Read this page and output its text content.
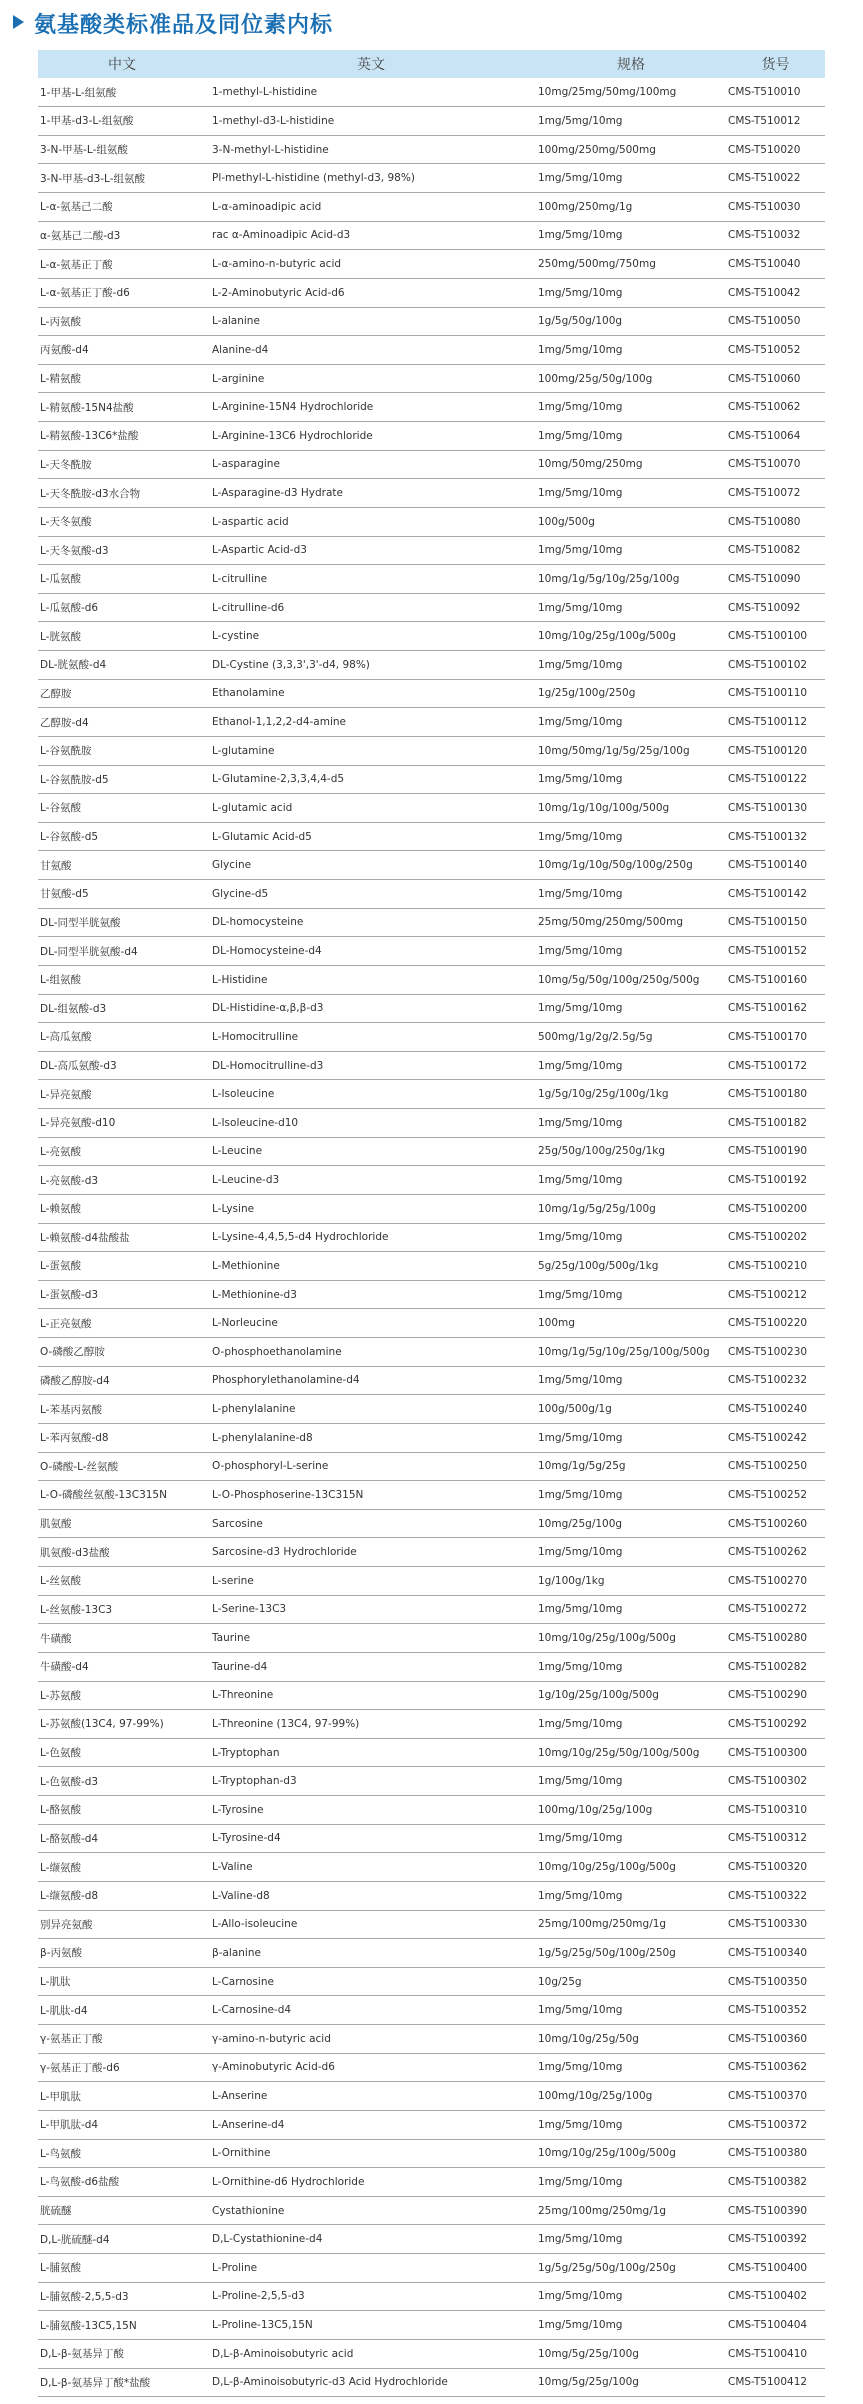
氨基酸类标准品及同位素内标
中文	英文	规格	货号
1-甲基-L-组氨酸	1-methyl-L-histidine	10mg/25mg/50mg/100mg	CMS-T510010
1-甲基-d3-L-组氨酸	1-methyl-d3-L-histidine	1mg/5mg/10mg	CMS-T510012
3-N-甲基-L-组氨酸	3-N-methyl-L-histidine	100mg/250mg/500mg	CMS-T510020
3-N-甲基-d3-L-组氨酸	Pl-methyl-L-histidine (methyl-d3, 98%)	1mg/5mg/10mg	CMS-T510022
L-α-氨基己二酸	L-α-aminoadipic acid	100mg/250mg/1g	CMS-T510030
α-氨基己二酸-d3	rac α-Aminoadipic Acid-d3	1mg/5mg/10mg	CMS-T510032
L-α-氨基正丁酸	L-α-amino-n-butyric acid	250mg/500mg/750mg	CMS-T510040
L-α-氨基正丁酸-d6	L-2-Aminobutyric Acid-d6	1mg/5mg/10mg	CMS-T510042
L-丙氨酸	L-alanine	1g/5g/50g/100g	CMS-T510050
丙氨酸-d4	Alanine-d4	1mg/5mg/10mg	CMS-T510052
L-精氨酸	L-arginine	100mg/25g/50g/100g	CMS-T510060
L-精氨酸-15N4盐酸	L-Arginine-15N4 Hydrochloride	1mg/5mg/10mg	CMS-T510062
L-精氨酸-13C6*盐酸	L-Arginine-13C6 Hydrochloride	1mg/5mg/10mg	CMS-T510064
L-天冬酰胺	L-asparagine	10mg/50mg/250mg	CMS-T510070
L-天冬酰胺-d3水合物	L-Asparagine-d3 Hydrate	1mg/5mg/10mg	CMS-T510072
L-天冬氨酸	L-aspartic acid	100g/500g	CMS-T510080
L-天冬氨酸-d3	L-Aspartic Acid-d3	1mg/5mg/10mg	CMS-T510082
L-瓜氨酸	L-citrulline	10mg/1g/5g/10g/25g/100g	CMS-T510090
L-瓜氨酸-d6	L-citrulline-d6	1mg/5mg/10mg	CMS-T510092
L-胱氨酸	L-cystine	10mg/10g/25g/100g/500g	CMS-T5100100
DL-胱氨酸-d4	DL-Cystine (3,3,3',3'-d4, 98%)	1mg/5mg/10mg	CMS-T5100102
乙醇胺	Ethanolamine	1g/25g/100g/250g	CMS-T5100110
乙醇胺-d4	Ethanol-1,1,2,2-d4-amine	1mg/5mg/10mg	CMS-T5100112
L-谷氨酰胺	L-glutamine	10mg/50mg/1g/5g/25g/100g	CMS-T5100120
L-谷氨酰胺-d5	L-Glutamine-2,3,3,4,4-d5	1mg/5mg/10mg	CMS-T5100122
L-谷氨酸	L-glutamic acid	10mg/1g/10g/100g/500g	CMS-T5100130
L-谷氨酸-d5	L-Glutamic Acid-d5	1mg/5mg/10mg	CMS-T5100132
甘氨酸	Glycine	10mg/1g/10g/50g/100g/250g	CMS-T5100140
甘氨酸-d5	Glycine-d5	1mg/5mg/10mg	CMS-T5100142
DL-同型半胱氨酸	DL-homocysteine	25mg/50mg/250mg/500mg	CMS-T5100150
DL-同型半胱氨酸-d4	DL-Homocysteine-d4	1mg/5mg/10mg	CMS-T5100152
L-组氨酸	L-Histidine	10mg/5g/50g/100g/250g/500g	CMS-T5100160
DL-组氨酸-d3	DL-Histidine-α,β,β-d3	1mg/5mg/10mg	CMS-T5100162
L-高瓜氨酸	L-Homocitrulline	500mg/1g/2g/2.5g/5g	CMS-T5100170
DL-高瓜氨酸-d3	DL-Homocitrulline-d3	1mg/5mg/10mg	CMS-T5100172
L-异亮氨酸	L-Isoleucine	1g/5g/10g/25g/100g/1kg	CMS-T5100180
L-异亮氨酸-d10	L-Isoleucine-d10	1mg/5mg/10mg	CMS-T5100182
L-亮氨酸	L-Leucine	25g/50g/100g/250g/1kg	CMS-T5100190
L-亮氨酸-d3	L-Leucine-d3	1mg/5mg/10mg	CMS-T5100192
L-赖氨酸	L-Lysine	10mg/1g/5g/25g/100g	CMS-T5100200
L-赖氨酸-d4盐酸盐	L-Lysine-4,4,5,5-d4 Hydrochloride	1mg/5mg/10mg	CMS-T5100202
L-蛋氨酸	L-Methionine	5g/25g/100g/500g/1kg	CMS-T5100210
L-蛋氨酸-d3	L-Methionine-d3	1mg/5mg/10mg	CMS-T5100212
L-正亮氨酸	L-Norleucine	100mg	CMS-T5100220
O-磷酸乙醇胺	O-phosphoethanolamine	10mg/1g/5g/10g/25g/100g/500g	CMS-T5100230
磷酸乙醇胺-d4	Phosphorylethanolamine-d4	1mg/5mg/10mg	CMS-T5100232
L-苯基丙氨酸	L-phenylalanine	100g/500g/1g	CMS-T5100240
L-苯丙氨酸-d8	L-phenylalanine-d8	1mg/5mg/10mg	CMS-T5100242
O-磷酸-L-丝氨酸	O-phosphoryl-L-serine	10mg/1g/5g/25g	CMS-T5100250
L-O-磷酸丝氨酸-13C315N	L-O-Phosphoserine-13C315N	1mg/5mg/10mg	CMS-T5100252
肌氨酸	Sarcosine	10mg/25g/100g	CMS-T5100260
肌氨酸-d3盐酸	Sarcosine-d3 Hydrochloride	1mg/5mg/10mg	CMS-T5100262
L-丝氨酸	L-serine	1g/100g/1kg	CMS-T5100270
L-丝氨酸-13C3	L-Serine-13C3	1mg/5mg/10mg	CMS-T5100272
牛磺酸	Taurine	10mg/10g/25g/100g/500g	CMS-T5100280
牛磺酸-d4	Taurine-d4	1mg/5mg/10mg	CMS-T5100282
L-苏氨酸	L-Threonine	1g/10g/25g/100g/500g	CMS-T5100290
L-苏氨酸(13C4, 97-99%)	L-Threonine (13C4, 97-99%)	1mg/5mg/10mg	CMS-T5100292
L-色氨酸	L-Tryptophan	10mg/10g/25g/50g/100g/500g	CMS-T5100300
L-色氨酸-d3	L-Tryptophan-d3	1mg/5mg/10mg	CMS-T5100302
L-酪氨酸	L-Tyrosine	100mg/10g/25g/100g	CMS-T5100310
L-酪氨酸-d4	L-Tyrosine-d4	1mg/5mg/10mg	CMS-T5100312
L-缬氨酸	L-Valine	10mg/10g/25g/100g/500g	CMS-T5100320
L-缬氨酸-d8	L-Valine-d8	1mg/5mg/10mg	CMS-T5100322
别异亮氨酸	L-Allo-isoleucine	25mg/100mg/250mg/1g	CMS-T5100330
β-丙氨酸	β-alanine	1g/5g/25g/50g/100g/250g	CMS-T5100340
L-肌肽	L-Carnosine	10g/25g	CMS-T5100350
L-肌肽-d4	L-Carnosine-d4	1mg/5mg/10mg	CMS-T5100352
γ-氨基正丁酸	γ-amino-n-butyric acid	10mg/10g/25g/50g	CMS-T5100360
γ-氨基正丁酸-d6	γ-Aminobutyric Acid-d6	1mg/5mg/10mg	CMS-T5100362
L-甲肌肽	L-Anserine	100mg/10g/25g/100g	CMS-T5100370
L-甲肌肽-d4	L-Anserine-d4	1mg/5mg/10mg	CMS-T5100372
L-鸟氨酸	L-Ornithine	10mg/10g/25g/100g/500g	CMS-T5100380
L-鸟氨酸-d6盐酸	L-Ornithine-d6 Hydrochloride	1mg/5mg/10mg	CMS-T5100382
胱硫醚	Cystathionine	25mg/100mg/250mg/1g	CMS-T5100390
D,L-胱硫醚-d4	D,L-Cystathionine-d4	1mg/5mg/10mg	CMS-T5100392
L-脯氨酸	L-Proline	1g/5g/25g/50g/100g/250g	CMS-T5100400
L-脯氨酸-2,5,5-d3	L-Proline-2,5,5-d3	1mg/5mg/10mg	CMS-T5100402
L-脯氨酸-13C5,15N	L-Proline-13C5,15N	1mg/5mg/10mg	CMS-T5100404
D,L-β-氨基异丁酸	D,L-β-Aminoisobutyric acid	10mg/5g/25g/100g	CMS-T5100410
D,L-β-氨基异丁酸*盐酸	D,L-β-Aminoisobutyric-d3 Acid Hydrochloride	10mg/5g/25g/100g	CMS-T5100412
